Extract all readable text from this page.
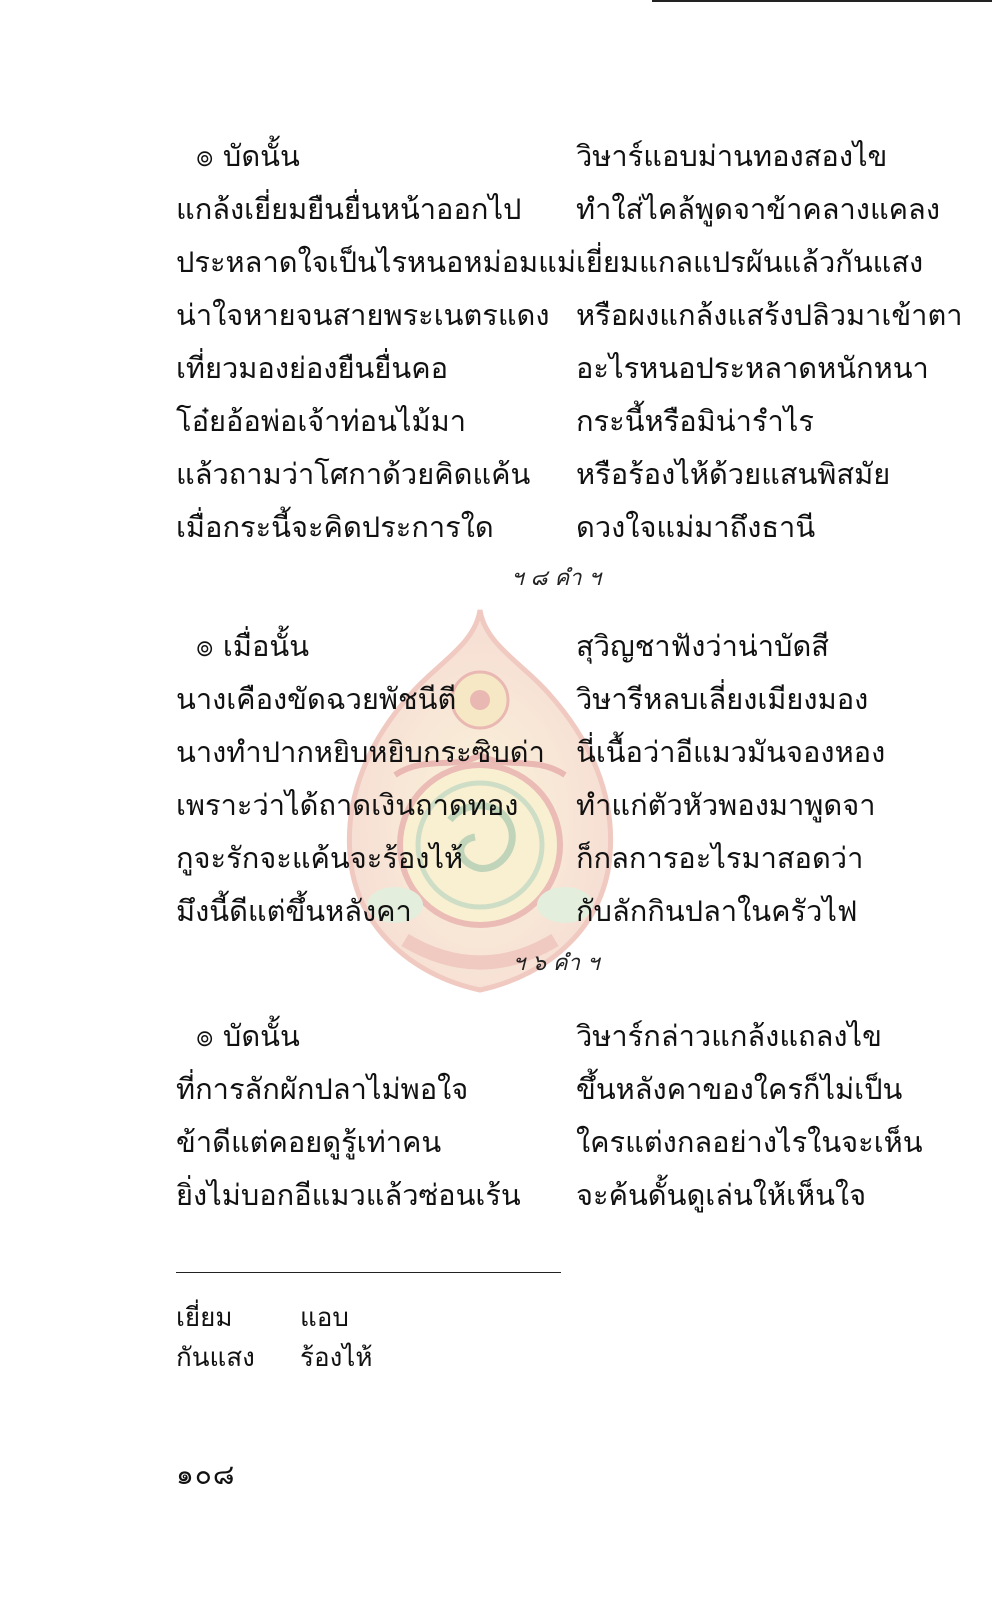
๏ บัดนั้น	วิษาร์แอบม่านทองสองไข
แกล้งเยี่ยมยืนยื่นหน้าออกไป ทำใส่ไคล้พูดจาข้าคลางแคลง
ประหลาดใจเป็นไรหนอหม่อมแม่ เยี่ยมแกลแปรผันแล้วกันแสง
น่าใจหายจนสายพระเนตรแดง หรือผงแกล้งแสร้งปลิวมาเข้าตา
เที่ยวมองย่องยืนยื่นคอ	อะไรหนอประหลาดหนักหนา
โอ๋ยอ้อพ่อเจ้าท่อนไม้มา	กระนี้หรือมิน่ารำไร
แล้วถามว่าโศกาด้วยคิดแค้น หรือร้องไห้ด้วยแสนพิสมัย
เมื่อกระนี้จะคิดประการใด	ดวงใจแม่มาถึงธานี
ฯ ๘ คำ ฯ
๏ เมื่อนั้น	สุวิญชาฟังว่าน่าบัดสี
นางเคืองขัดฉวยพัชนีตี	วิษารีหลบเลี่ยงเมียงมอง
นางทำปากหยิบหยิบกระซิบด่า นี่เนื้อว่าอีแมวมันจองหอง
เพราะว่าได้ถาดเงินถาดทอง ทำแก่ตัวหัวพองมาพูดจา
กูจะรักจะแค้นจะร้องไห้	ก็กลการอะไรมาสอดว่า
มึงนี้ดีแต่ขึ้นหลังคา	กับลักกินปลาในครัวไฟ
ฯ ๖ คำ ฯ
๏ บัดนั้น	วิษาร์กล่าวแกล้งแถลงไข
ที่การลักผักปลาไม่พอใจ	ขึ้นหลังคาของใครก็ไม่เป็น
ข้าดีแต่คอยดูรู้เท่าคน	ใครแต่งกลอย่างไรในจะเห็น
ยิ่งไม่บอกอีแมวแล้วซ่อนเร้น จะค้นดั้นดูเล่นให้เห็นใจ
เยี่ยม	แอบ
กันแสง ร้องไห้
๑๐๘
